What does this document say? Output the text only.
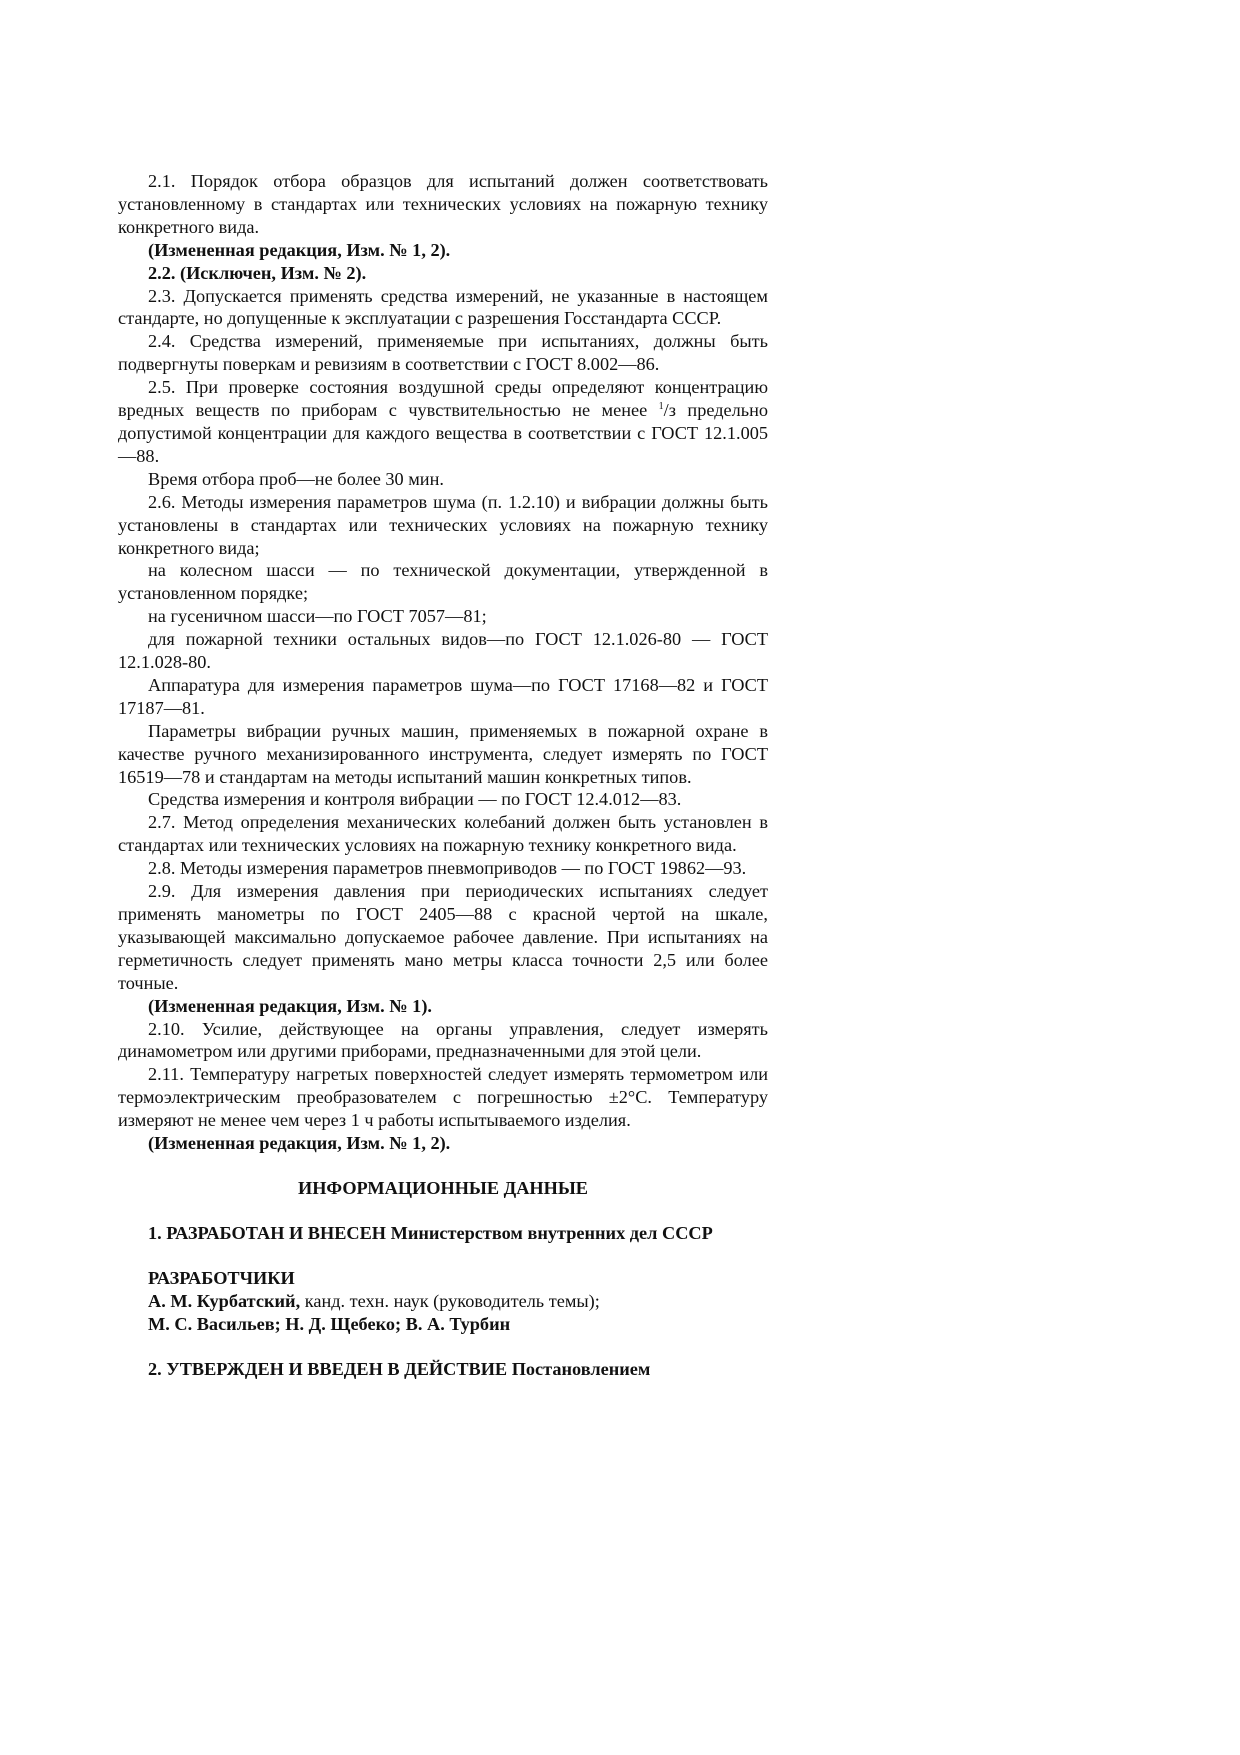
2.1. Порядок отбора образцов для испытаний должен соответствовать установленному в стандартах или технических условиях на пожарную технику конкретного вида.

(Измененная редакция, Изм. № 1, 2).

2.2. (Исключен, Изм. № 2).

2.3. Допускается применять средства измерений, не указанные в настоящем стандарте, но допущенные к эксплуатации с разрешения Госстандарта СССР.

2.4. Средства измерений, применяемые при испытаниях, должны быть подвергнуты поверкам и ревизиям в соответствии с ГОСТ 8.002—86.

2.5. При проверке состояния воздушной среды определяют концентрацию вредных веществ по приборам с чувствительностью не менее $^1$/з предельно допустимой концентрации для каждого вещества в соответствии с ГОСТ 12.1.005—88.

Время отбора проб—не более 30 мин.

2.6. Методы измерения параметров шума (п. 1.2.10) и вибрации должны быть установлены в стандартах или технических условиях на пожарную технику конкретного вида;

на колесном шасси — по технической документации, утвержденной в установленном порядке;

на гусеничном шасси—по ГОСТ 7057—81;

для пожарной техники остальных видов—по ГОСТ 12.1.026-80 — ГОСТ 12.1.028-80.

Аппаратура для измерения параметров шума—по ГОСТ 17168—82 и ГОСТ 17187—81.

Параметры вибрации ручных машин, применяемых в пожарной охране в качестве ручного механизированного инструмента, следует измерять по ГОСТ 16519—78 и стандартам на методы испытаний машин конкретных типов.

Средства измерения и контроля вибрации — по ГОСТ 12.4.012—83.

2.7. Метод определения механических колебаний должен быть установлен в стандартах или технических условиях на пожарную технику конкретного вида.

2.8. Методы измерения параметров пневмоприводов — по ГОСТ 19862—93.

2.9. Для измерения давления при периодических испытаниях следует применять манометры по ГОСТ 2405—88 с красной чертой на шкале, указывающей максимально допускаемое рабочее давление. При испытаниях на герметичность следует применять мано метры класса точности 2,5 или более точные.

(Измененная редакция, Изм. № 1).

2.10. Усилие, действующее на органы управления, следует измерять динамометром или другими приборами, предназначенными для этой цели.

2.11. Температуру нагретых поверхностей следует измерять термометром или термоэлектрическим преобразователем с погрешностью ±2°С. Температуру измеряют не менее чем через 1 ч работы испытываемого изделия.

(Измененная редакция, Изм. № 1, 2).

ИНФОРМАЦИОННЫЕ ДАННЫЕ

1. РАЗРАБОТАН И ВНЕСЕН Министерством внутренних дел СССР

РАЗРАБОТЧИКИ

А. М. Курбатский, канд. техн. наук (руководитель темы);

М. С. Васильев; Н. Д. Щебеко; В. А. Турбин

2. УТВЕРЖДЕН И ВВЕДЕН В ДЕЙСТВИЕ Постановлением
